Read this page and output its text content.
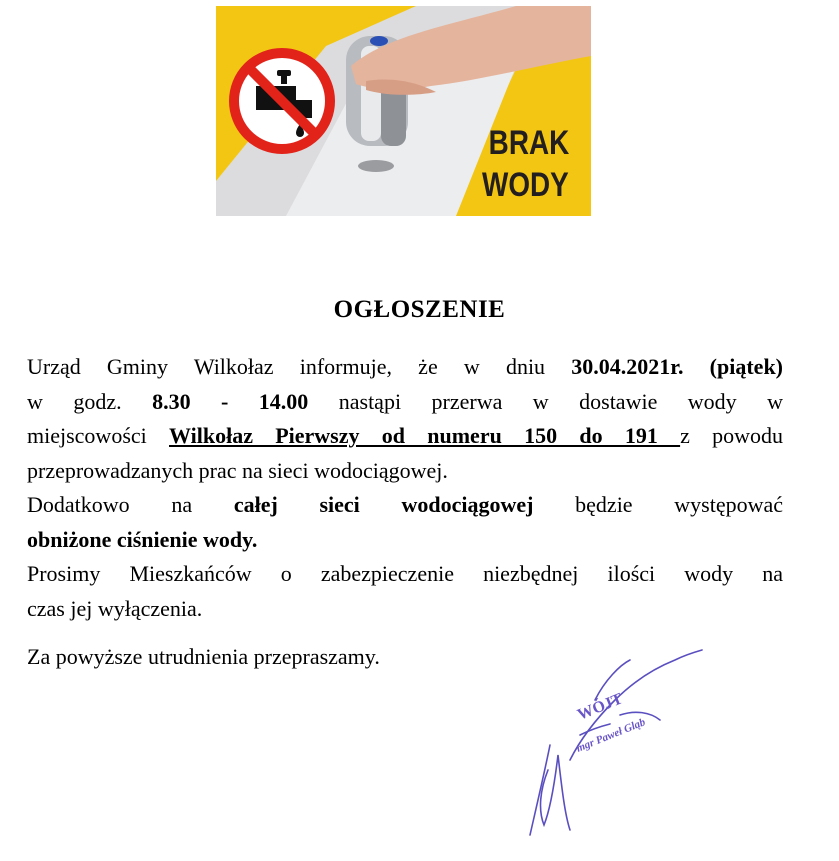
BRAK
WODY
OGŁOSZENIE
Urząd Gminy Wilkołaz informuje, że w dniu 30.04.2021r. (piątek)
w godz. 8.30 - 14.00 nastąpi przerwa w dostawie wody w
miejscowości Wilkołaz Pierwszy od numeru 150 do 191 z powodu
przeprowadzanych prac na sieci wodociągowej.
Dodatkowo na całej sieci wodociągowej będzie występować
obniżone ciśnienie wody.
Prosimy Mieszkańców o zabezpieczenie niezbędnej ilości wody na
czas jej wyłączenia.
Za powyższe utrudnienia przepraszamy.
WÓJT
mgr Paweł Gląb
